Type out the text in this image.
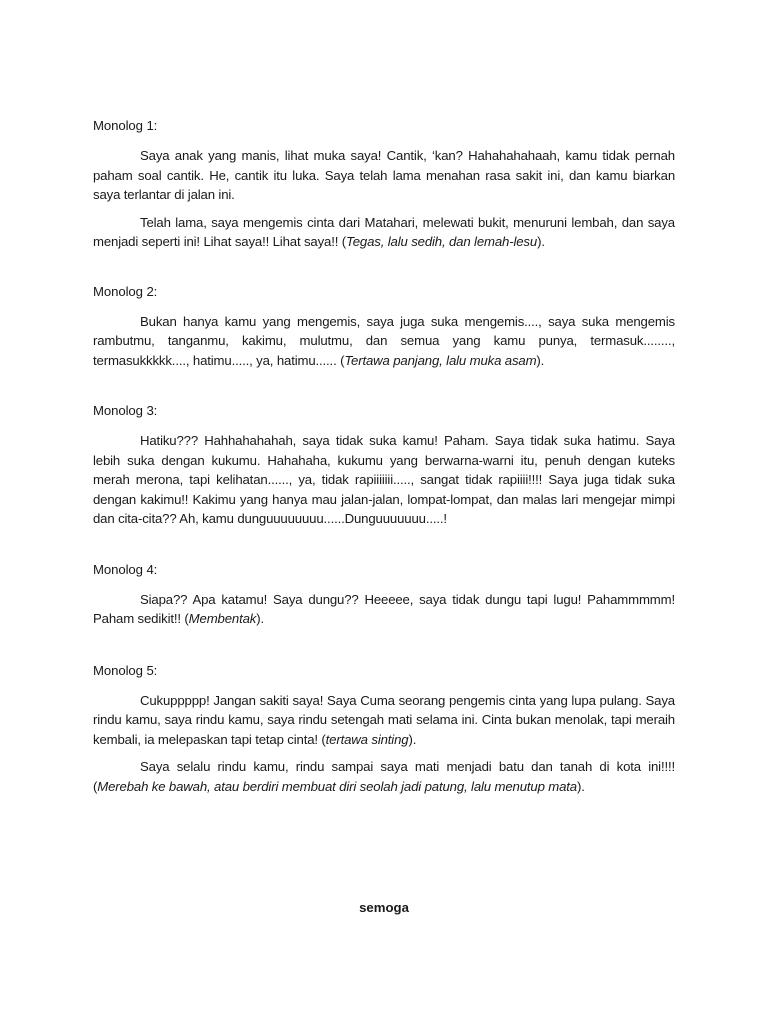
Monolog 1:

Saya anak yang manis, lihat muka saya! Cantik, ‘kan? Hahahahahaah, kamu tidak pernah paham soal cantik. He, cantik itu luka. Saya telah lama menahan rasa sakit ini, dan kamu biarkan saya terlantar di jalan ini.

Telah lama, saya mengemis cinta dari Matahari, melewati bukit, menuruni lembah, dan saya menjadi seperti ini! Lihat saya!! Lihat saya!! (Tegas, lalu sedih, dan lemah-lesu).

Monolog 2:

Bukan hanya kamu yang mengemis, saya juga suka mengemis...., saya suka mengemis rambutmu, tanganmu, kakimu, mulutmu, dan semua yang kamu punya, termasuk........, termasukkkkk...., hatimu....., ya, hatimu...... (Tertawa panjang, lalu muka asam).

Monolog 3:

Hatiku??? Hahhahahahah, saya tidak suka kamu! Paham. Saya tidak suka hatimu. Saya lebih suka dengan kukumu. Hahahaha, kukumu yang berwarna-warni itu, penuh dengan kuteks merah merona, tapi kelihatan......, ya, tidak rapiiiiiii....., sangat tidak rapiiii!!!! Saya juga tidak suka dengan kakimu!! Kakimu yang hanya mau jalan-jalan, lompat-lompat, dan malas lari mengejar mimpi dan cita-cita?? Ah, kamu dunguuuuuuuu......Dunguuuuuuu.....!

Monolog 4:

Siapa?? Apa katamu! Saya dungu?? Heeeee, saya tidak dungu tapi lugu! Pahammmmm! Paham sedikit!! (Membentak).

Monolog 5:

Cukuppppp! Jangan sakiti saya! Saya Cuma seorang pengemis cinta yang lupa pulang. Saya rindu kamu, saya rindu kamu, saya rindu setengah mati selama ini. Cinta bukan menolak, tapi meraih kembali, ia melepaskan tapi tetap cinta! (tertawa sinting).

Saya selalu rindu kamu, rindu sampai saya mati menjadi batu dan tanah di kota ini!!!! (Merebah ke bawah, atau berdiri membuat diri seolah jadi patung, lalu menutup mata).

semoga
